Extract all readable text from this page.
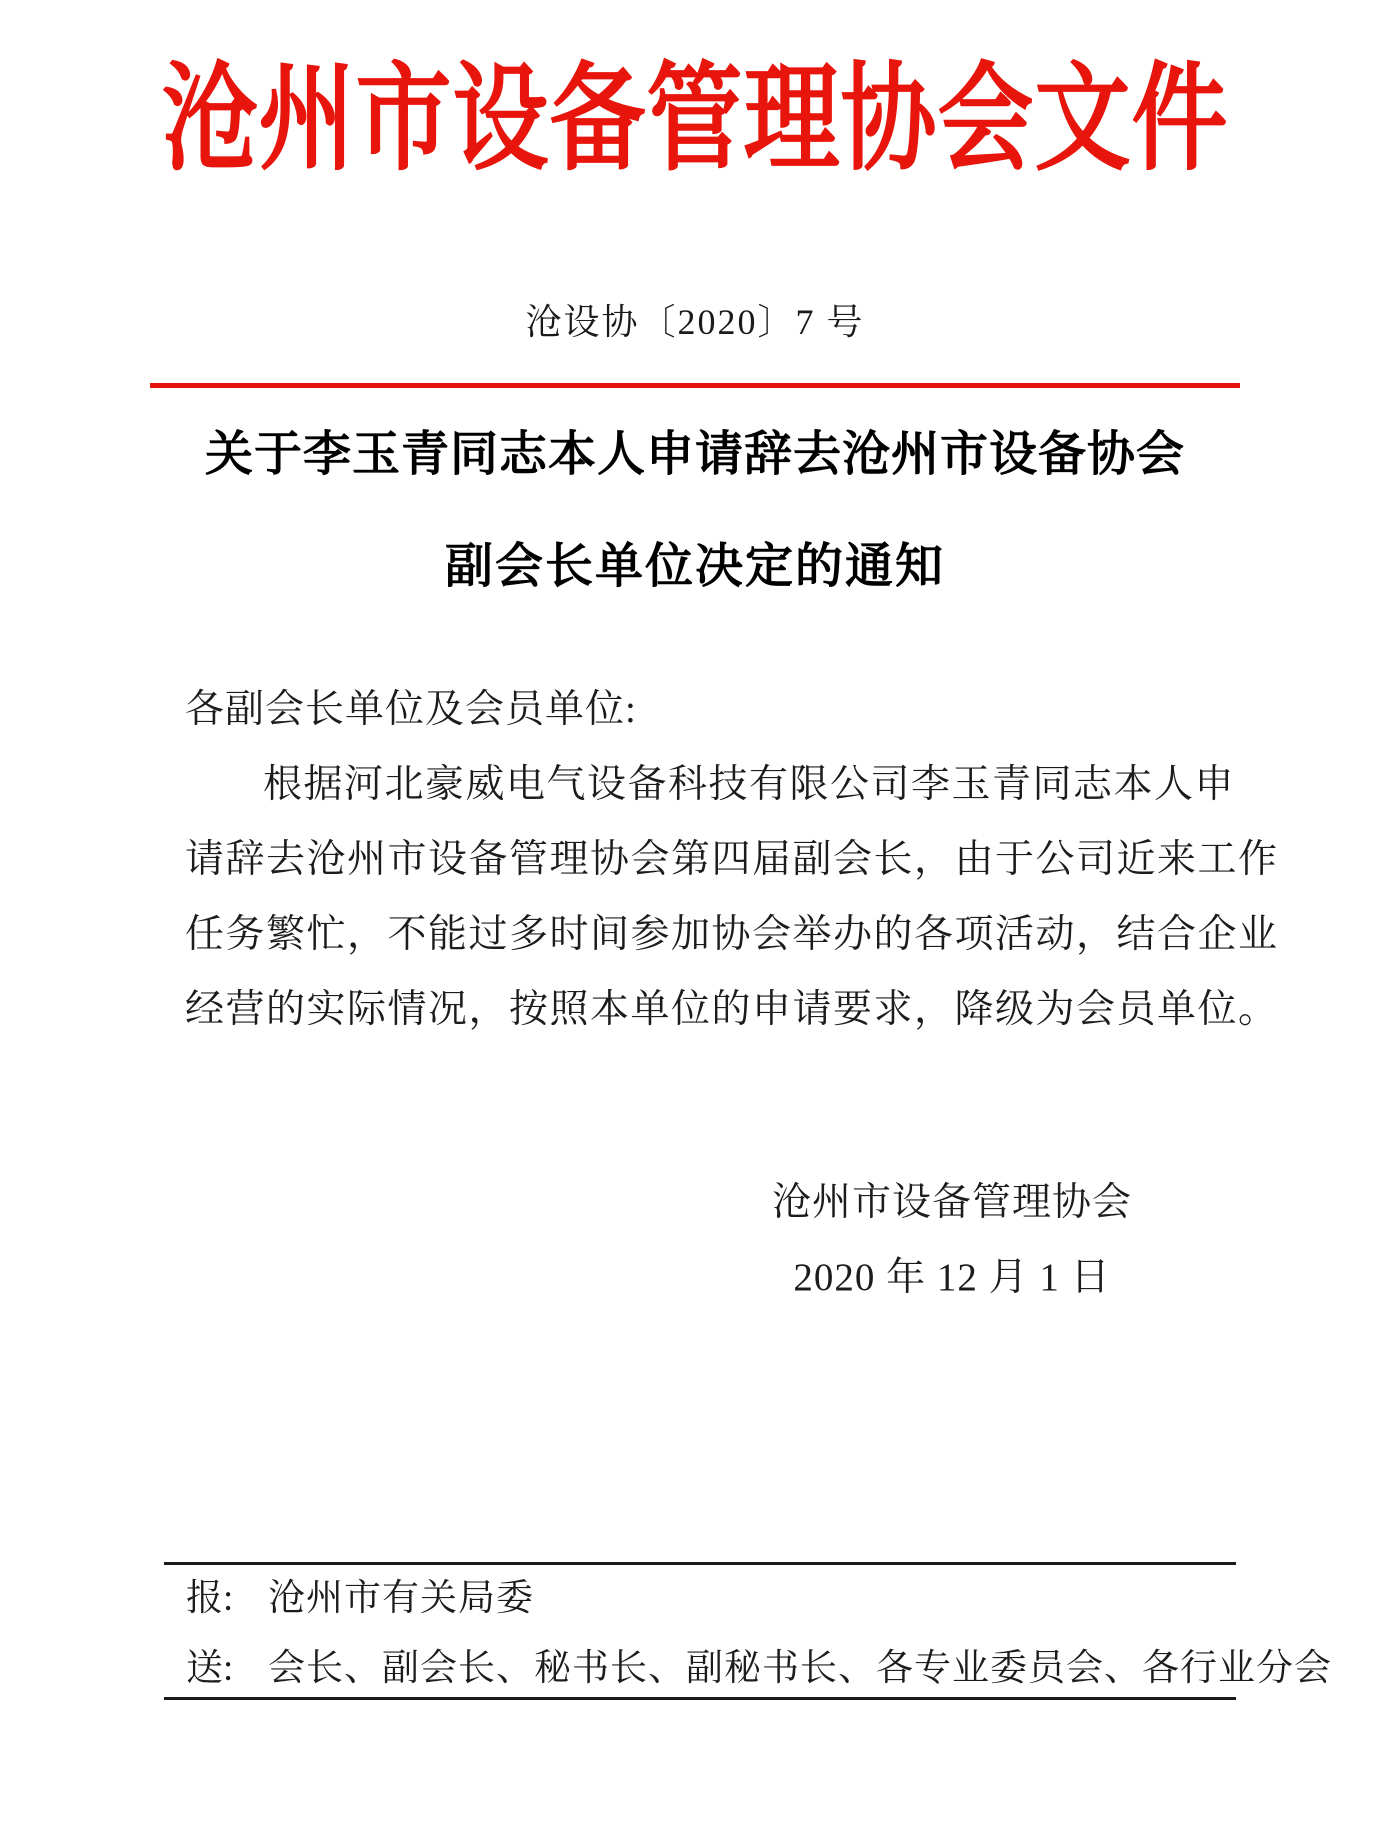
沧州市设备管理协会文件
沧设协〔2020〕7 号
关于李玉青同志本人申请辞去沧州市设备协会
副会长单位决定的通知
各副会长单位及会员单位:
根据河北豪威电气设备科技有限公司李玉青同志本人申
请辞去沧州市设备管理协会第四届副会长，由于公司近来工作
任务繁忙，不能过多时间参加协会举办的各项活动，结合企业
经营的实际情况，按照本单位的申请要求，降级为会员单位。
沧州市设备管理协会
2020 年 12 月 1 日
报: 沧州市有关局委
送: 会长、副会长、秘书长、副秘书长、各专业委员会、各行业分会
